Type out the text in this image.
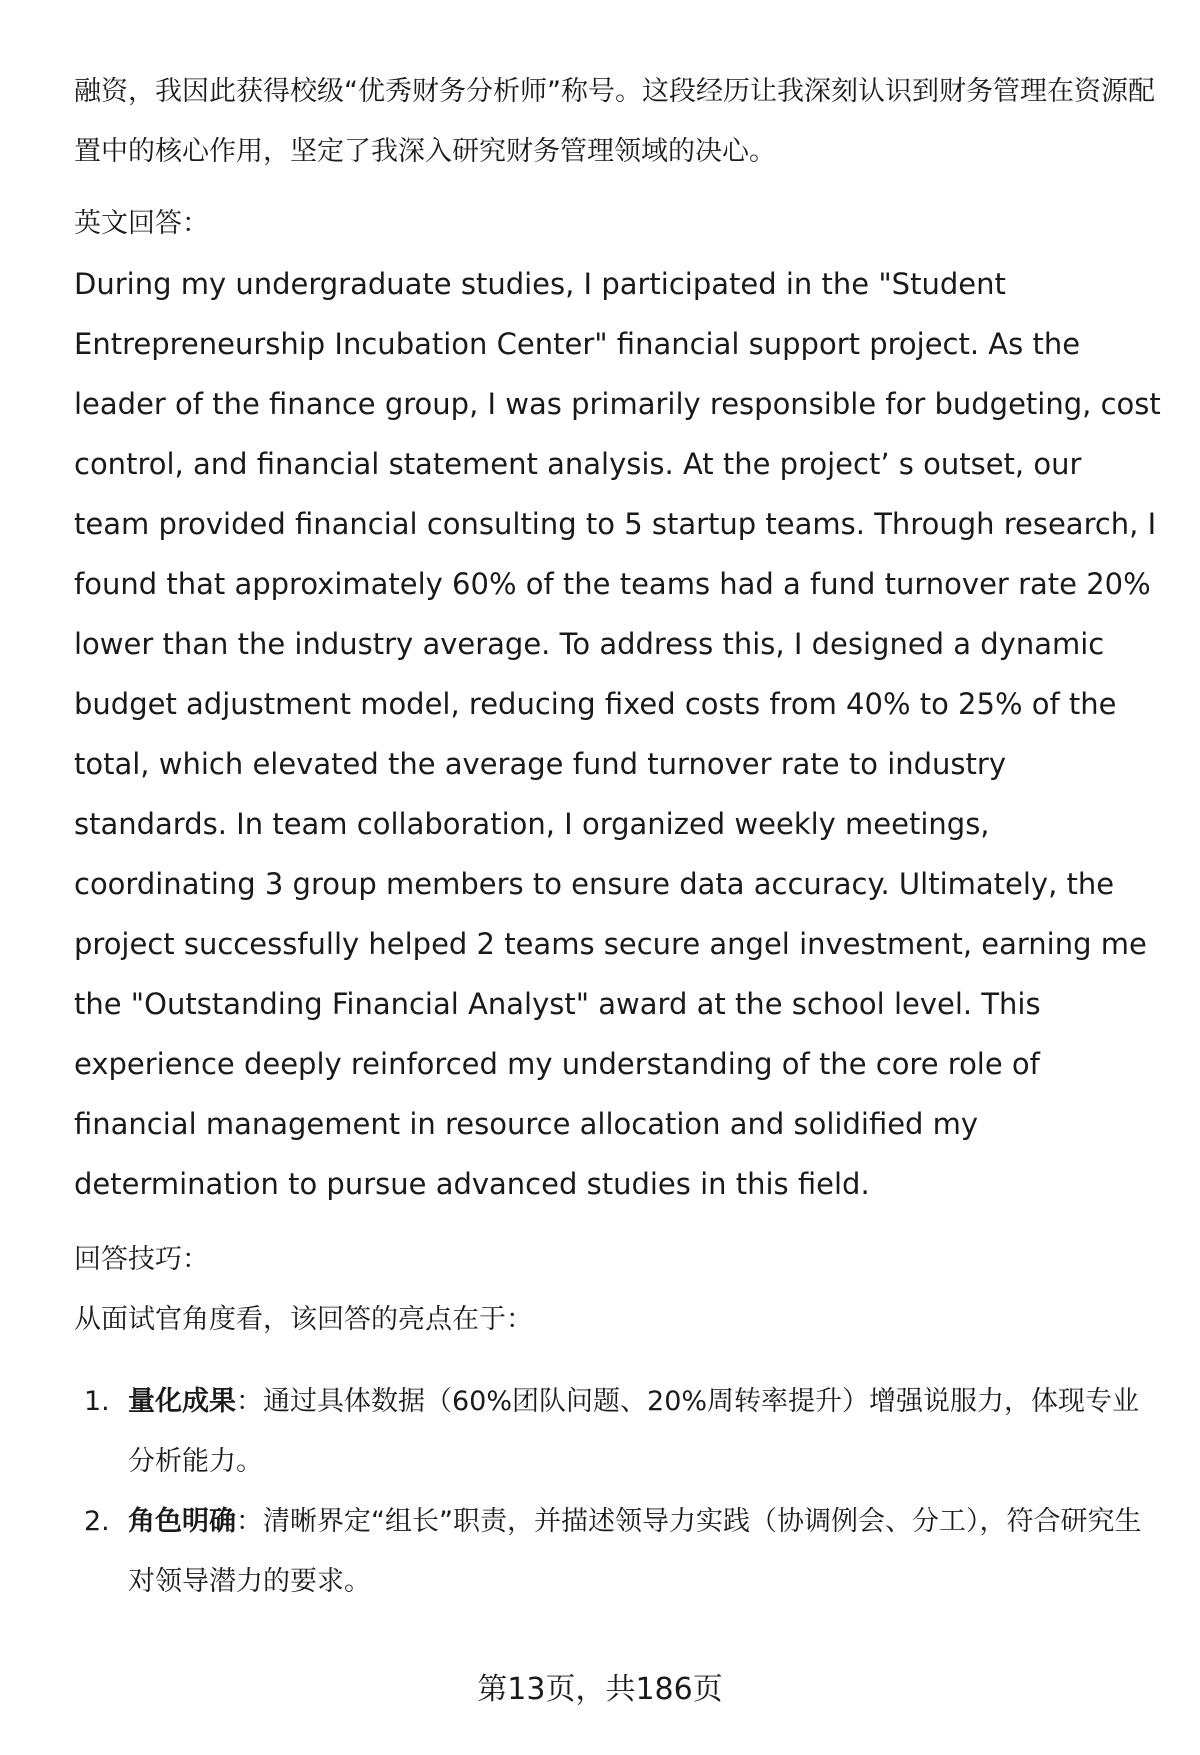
融资，我因此获得校级“优秀财务分析师”称号。这段经历让我深刻认识到财务管理在资源配置中的核心作用，坚定了我深入研究财务管理领域的决心。

英文回答：

During my undergraduate studies, I participated in the "Student Entrepreneurship Incubation Center" financial support project. As the leader of the finance group, I was primarily responsible for budgeting, cost control, and financial statement analysis. At the project’ s outset, our team provided financial consulting to 5 startup teams. Through research, I found that approximately 60% of the teams had a fund turnover rate 20% lower than the industry average. To address this, I designed a dynamic budget adjustment model, reducing fixed costs from 40% to 25% of the total, which elevated the average fund turnover rate to industry standards. In team collaboration, I organized weekly meetings, coordinating 3 group members to ensure data accuracy. Ultimately, the project successfully helped 2 teams secure angel investment, earning me the "Outstanding Financial Analyst" award at the school level. This experience deeply reinforced my understanding of the core role of financial management in resource allocation and solidified my determination to pursue advanced studies in this field.

回答技巧：

从面试官角度看，该回答的亮点在于：

1. 量化成果：通过具体数据（60%团队问题、20%周转率提升）增强说服力，体现专业分析能力。
2. 角色明确：清晰界定“组长”职责，并描述领导力实践（协调例会、分工），符合研究生对领导潜力的要求。
第13页，共186页
